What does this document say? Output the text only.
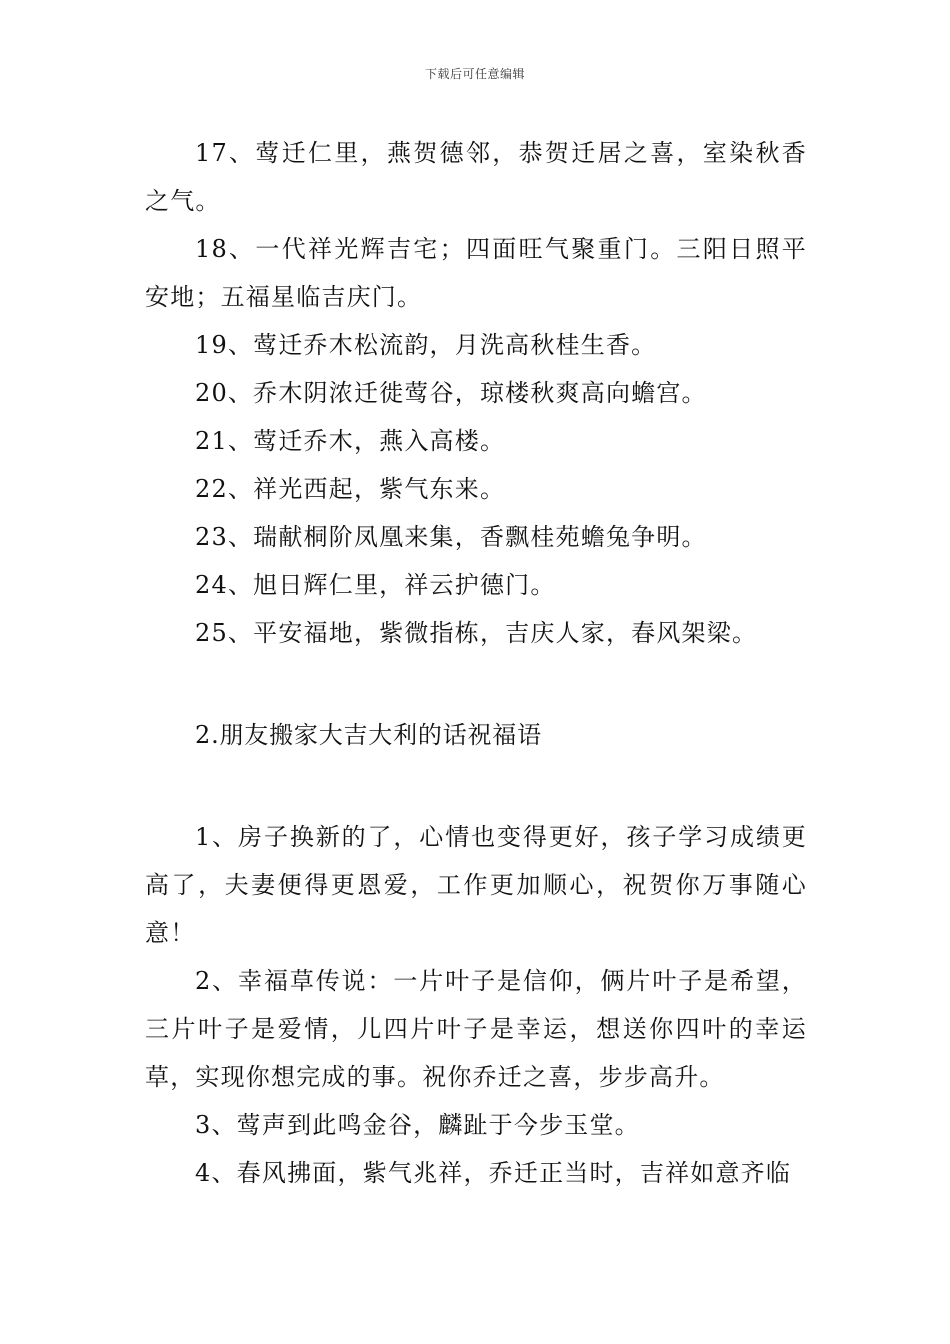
下载后可任意编辑

17、莺迁仁里，燕贺德邻，恭贺迁居之喜，室染秋香之气。

18、一代祥光辉吉宅；四面旺气聚重门。三阳日照平安地；五福星临吉庆门。

19、莺迁乔木松流韵，月洗高秋桂生香。

20、乔木阴浓迁徙莺谷，琼楼秋爽高向蟾宫。

21、莺迁乔木，燕入高楼。

22、祥光西起，紫气东来。

23、瑞献桐阶凤凰来集，香飘桂苑蟾兔争明。

24、旭日辉仁里，祥云护德门。

25、平安福地，紫微指栋，吉庆人家，春风架梁。

2.朋友搬家大吉大利的话祝福语

1、房子换新的了，心情也变得更好，孩子学习成绩更高了，夫妻便得更恩爱，工作更加顺心，祝贺你万事随心意！

2、幸福草传说：一片叶子是信仰，俩片叶子是希望，三片叶子是爱情，儿四片叶子是幸运，想送你四叶的幸运草，实现你想完成的事。祝你乔迁之喜，步步高升。

3、莺声到此鸣金谷，麟趾于今步玉堂。

4、春风拂面，紫气兆祥，乔迁正当时，吉祥如意齐临
